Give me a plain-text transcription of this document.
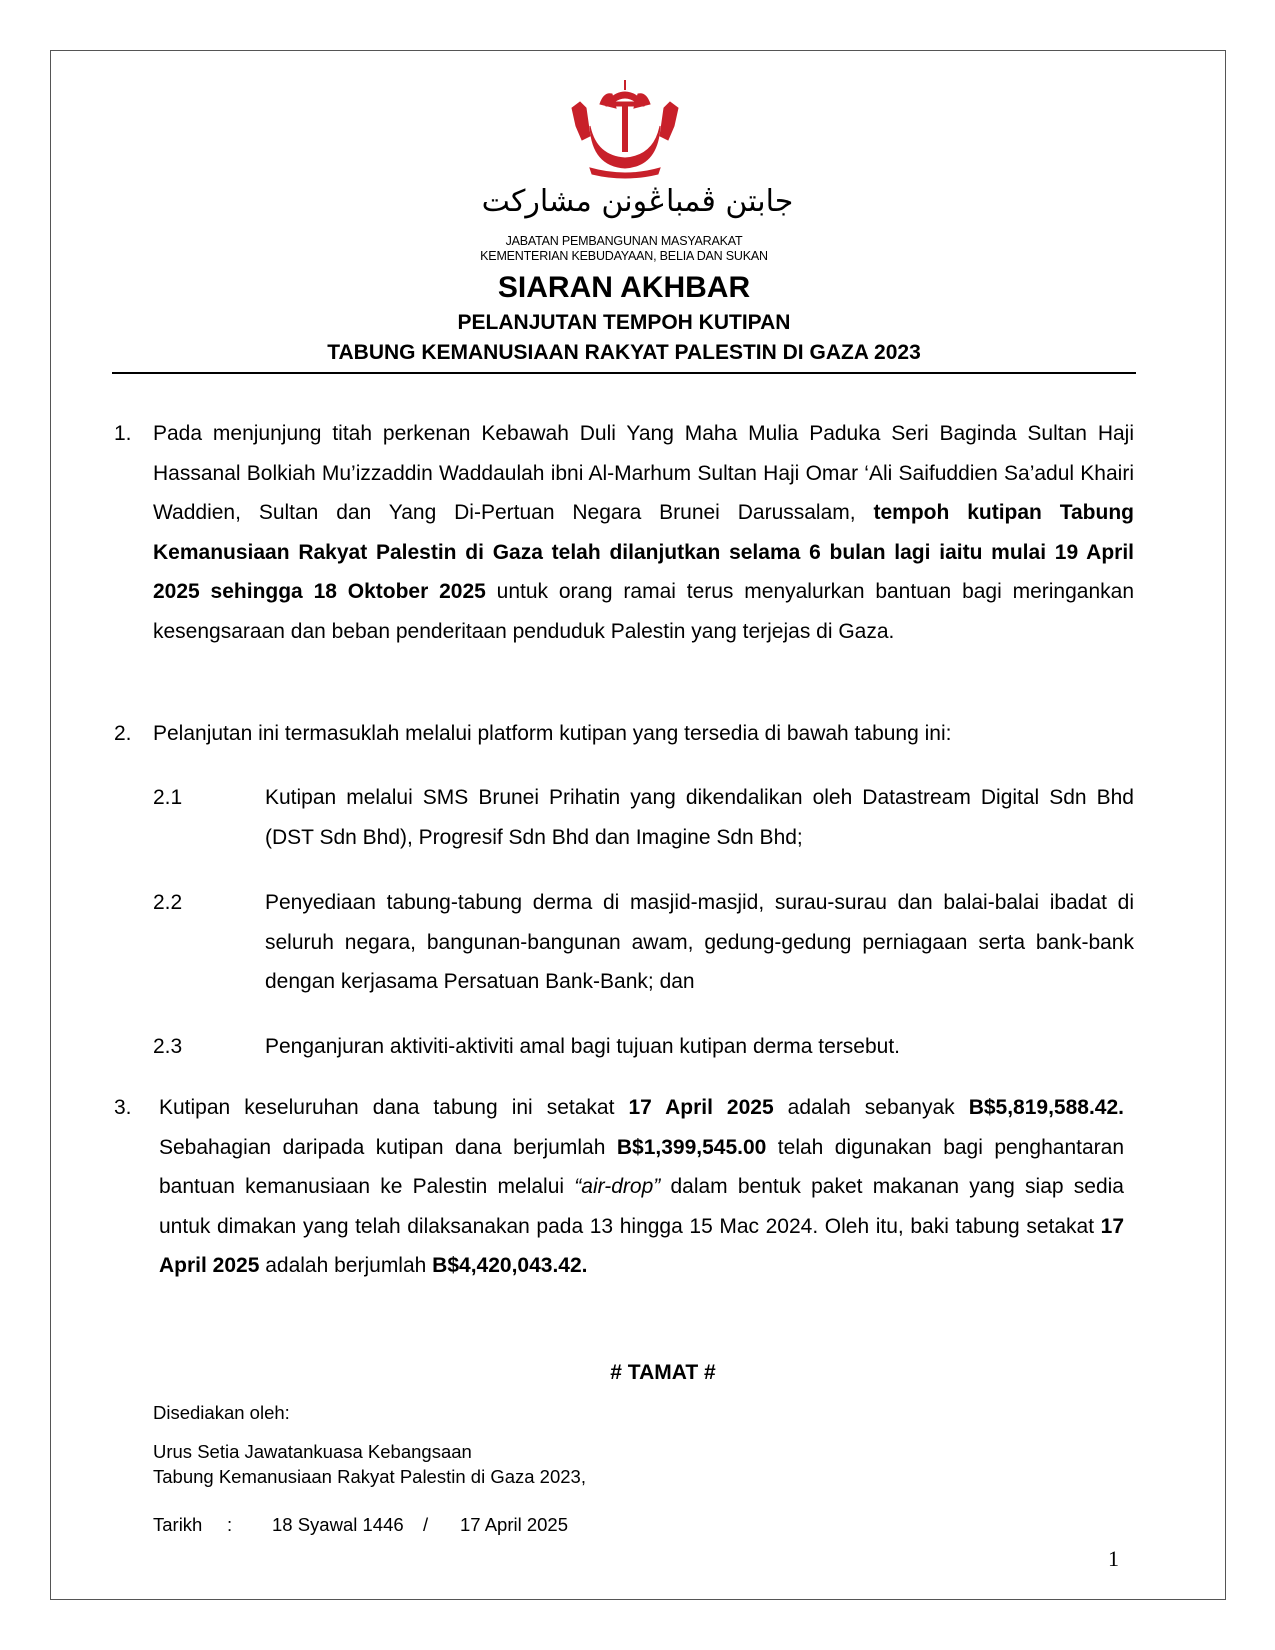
جابتن ڤمباڠونن مشاركت
JABATAN PEMBANGUNAN MASYARAKAT
KEMENTERIAN KEBUDAYAAN, BELIA DAN SUKAN
SIARAN AKHBAR
PELANJUTAN TEMPOH KUTIPAN
TABUNG KEMANUSIAAN RAKYAT PALESTIN DI GAZA 2023
1. Pada menjunjung titah perkenan Kebawah Duli Yang Maha Mulia Paduka Seri Baginda Sultan Haji Hassanal Bolkiah Mu’izzaddin Waddaulah ibni Al-Marhum Sultan Haji Omar ‘Ali Saifuddien Sa’adul Khairi Waddien, Sultan dan Yang Di-Pertuan Negara Brunei Darussalam, tempoh kutipan Tabung Kemanusiaan Rakyat Palestin di Gaza telah dilanjutkan selama 6 bulan lagi iaitu mulai 19 April 2025 sehingga 18 Oktober 2025 untuk orang ramai terus menyalurkan bantuan bagi meringankan kesengsaraan dan beban penderitaan penduduk Palestin yang terjejas di Gaza.
2. Pelanjutan ini termasuklah melalui platform kutipan yang tersedia di bawah tabung ini:
2.1	Kutipan melalui SMS Brunei Prihatin yang dikendalikan oleh Datastream Digital Sdn Bhd (DST Sdn Bhd), Progresif Sdn Bhd dan Imagine Sdn Bhd;
2.2	Penyediaan tabung-tabung derma di masjid-masjid, surau-surau dan balai-balai ibadat di seluruh negara, bangunan-bangunan awam, gedung-gedung perniagaan serta bank-bank dengan kerjasama Persatuan Bank-Bank; dan
2.3	Penganjuran aktiviti-aktiviti amal bagi tujuan kutipan derma tersebut.
3. Kutipan keseluruhan dana tabung ini setakat 17 April 2025 adalah sebanyak B$5,819,588.42. Sebahagian daripada kutipan dana berjumlah B$1,399,545.00 telah digunakan bagi penghantaran bantuan kemanusiaan ke Palestin melalui “air-drop” dalam bentuk paket makanan yang siap sedia untuk dimakan yang telah dilaksanakan pada 13 hingga 15 Mac 2024. Oleh itu, baki tabung setakat 17 April 2025 adalah berjumlah B$4,420,043.42.
# TAMAT #
Disediakan oleh:
Urus Setia Jawatankuasa Kebangsaan
Tabung Kemanusiaan Rakyat Palestin di Gaza 2023,
Tarikh : 18 Syawal 1446 / 17 April 2025
1
